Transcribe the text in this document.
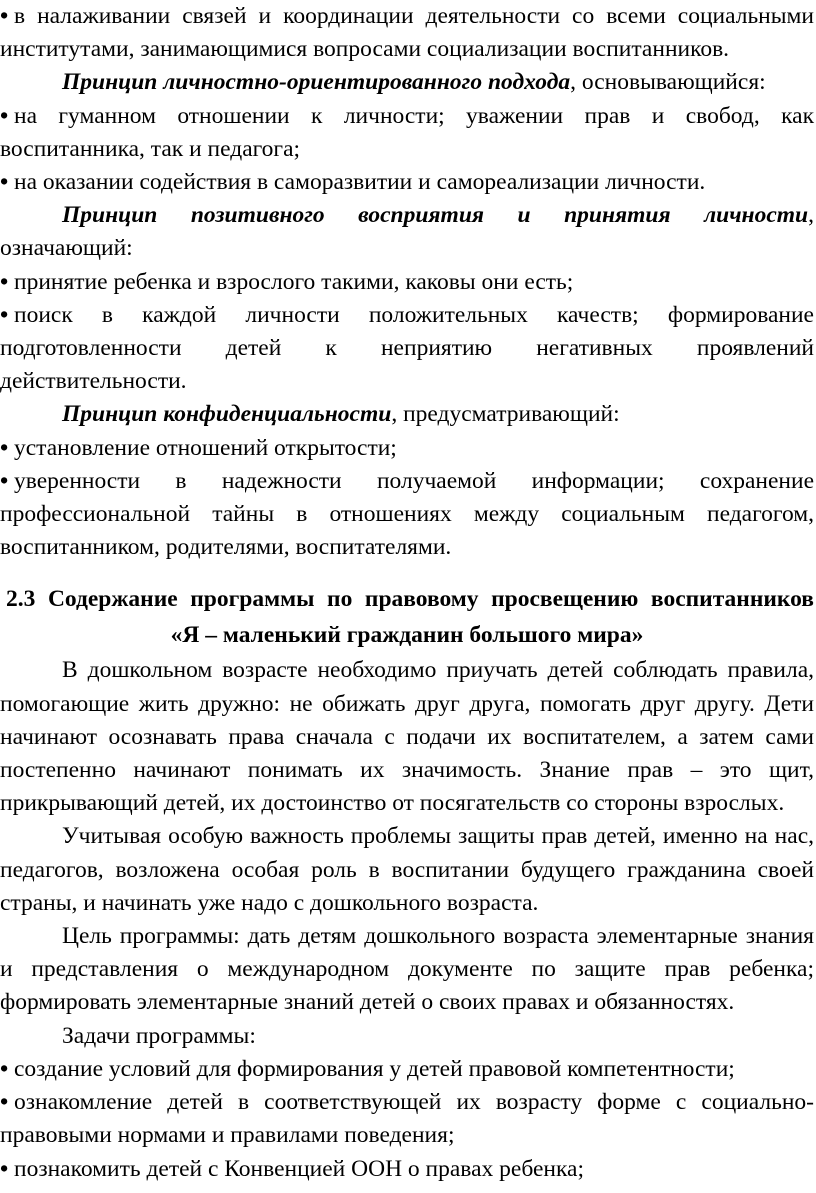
• в налаживании связей и координации деятельности со всеми социальными институтами, занимающимися вопросами социализации воспитанников.

Принцип личностно-ориентированного подхода, основывающийся:

• на гуманном отношении к личности; уважении прав и свобод, как воспитанника, так и педагога;

• на оказании содействия в саморазвитии и самореализации личности.

Принцип позитивного восприятия и принятия личности, означающий:

• принятие ребенка и взрослого такими, каковы они есть;

• поиск в каждой личности положительных качеств; формирование подготовленности детей к неприятию негативных проявлений действительности.

Принцип конфиденциальности, предусматривающий:

• установление отношений открытости;

• уверенности в надежности получаемой информации; сохранение профессиональной тайны в отношениях между социальным педагогом, воспитанником, родителями, воспитателями.

2.3 Содержание программы по правовому просвещению воспитанников
«Я – маленький гражданин большого мира»

В дошкольном возрасте необходимо приучать детей соблюдать правила, помогающие жить дружно: не обижать друг друга, помогать друг другу. Дети начинают осознавать права сначала с подачи их воспитателем, а затем сами постепенно начинают понимать их значимость. Знание прав – это щит, прикрывающий детей, их достоинство от посягательств со стороны взрослых.

Учитывая особую важность проблемы защиты прав детей, именно на нас, педагогов, возложена особая роль в воспитании будущего гражданина своей страны, и начинать уже надо с дошкольного возраста.

Цель программы: дать детям дошкольного возраста элементарные знания и представления о международном документе по защите прав ребенка; формировать элементарные знаний детей о своих правах и обязанностях.

Задачи программы:

• создание условий для формирования у детей правовой компетентности;

• ознакомление детей в соответствующей их возрасту форме с социально-правовыми нормами и правилами поведения;

• познакомить детей с Конвенцией ООН о правах ребенка;
